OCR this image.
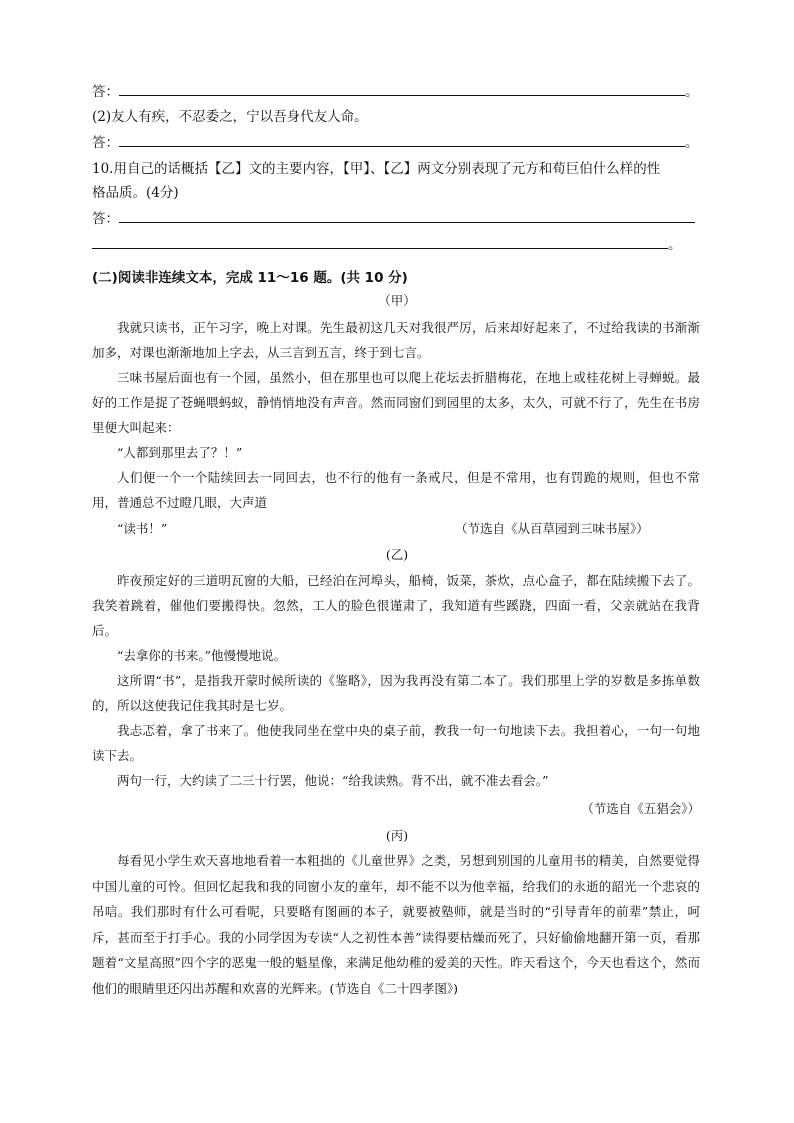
答：	。
(2)友人有疾，不忍委之，宁以吾身代友人命。
答：	。
10.用自己的话概括【乙】文的主要内容，【甲】、【乙】两文分别表现了元方和荀巨伯什么样的性
格品质。(4分)
答：
。
(二)阅读非连续文本，完成 11～16 题。(共 10 分)
（甲）

我就只读书，正午习字，晚上对课。先生最初这几天对我很严厉，后来却好起来了，不过给我读的书渐渐加多，对课也渐渐地加上字去，从三言到五言，终于到七言。

三味书屋后面也有一个园，虽然小，但在那里也可以爬上花坛去折腊梅花，在地上或桂花树上寻蝉蜕。最好的工作是捉了苍蝇喂蚂蚁，静悄悄地没有声音。然而同窗们到园里的太多，太久，可就不行了，先生在书房里便大叫起来：

“人都到那里去了？！”

人们便一个一个陆续回去一同回去，也不行的他有一条戒尺，但是不常用，也有罚跪的规则，但也不常用，普通总不过瞪几眼，大声道

“读书！”	（节选自《从百草园到三味书屋》）
(乙)

昨夜预定好的三道明瓦窗的大船，已经泊在河埠头，船椅，饭菜，茶炊，点心盒子，都在陆续搬下去了。我笑着跳着，催他们要搬得快。忽然，工人的脸色很谨肃了，我知道有些蹊跷，四面一看，父亲就站在我背后。

“去拿你的书来。”他慢慢地说。

这所谓“书”，是指我开蒙时候所读的《鉴略》，因为我再没有第二本了。我们那里上学的岁数是多拣单数的，所以这使我记住我其时是七岁。

我忐忑着，拿了书来了。他使我同坐在堂中央的桌子前，教我一句一句地读下去。我担着心，一句一句地读下去。

两句一行，大约读了二三十行罢，他说：“给我读熟。背不出，就不准去看会。”

（节选自《五猖会》）
(丙)

每看见小学生欢天喜地地看着一本粗拙的《儿童世界》之类，另想到别国的儿童用书的精美，自然要觉得中国儿童的可怜。但回忆起我和我的同窗小友的童年，却不能不以为他幸福，给我们的永逝的韶光一个悲哀的吊唁。我们那时有什么可看呢，只要略有图画的本子，就要被塾师，就是当时的“引导青年的前辈”禁止，呵斥，甚而至于打手心。我的小同学因为专读“人之初性本善”读得要枯燥而死了，只好偷偷地翻开第一页，看那题着“文星高照”四个字的恶鬼一般的魁星像，来满足他幼稚的爱美的天性。昨天看这个，今天也看这个，然而他们的眼睛里还闪出苏醒和欢喜的光辉来。(节选自《二十四孝图》)
